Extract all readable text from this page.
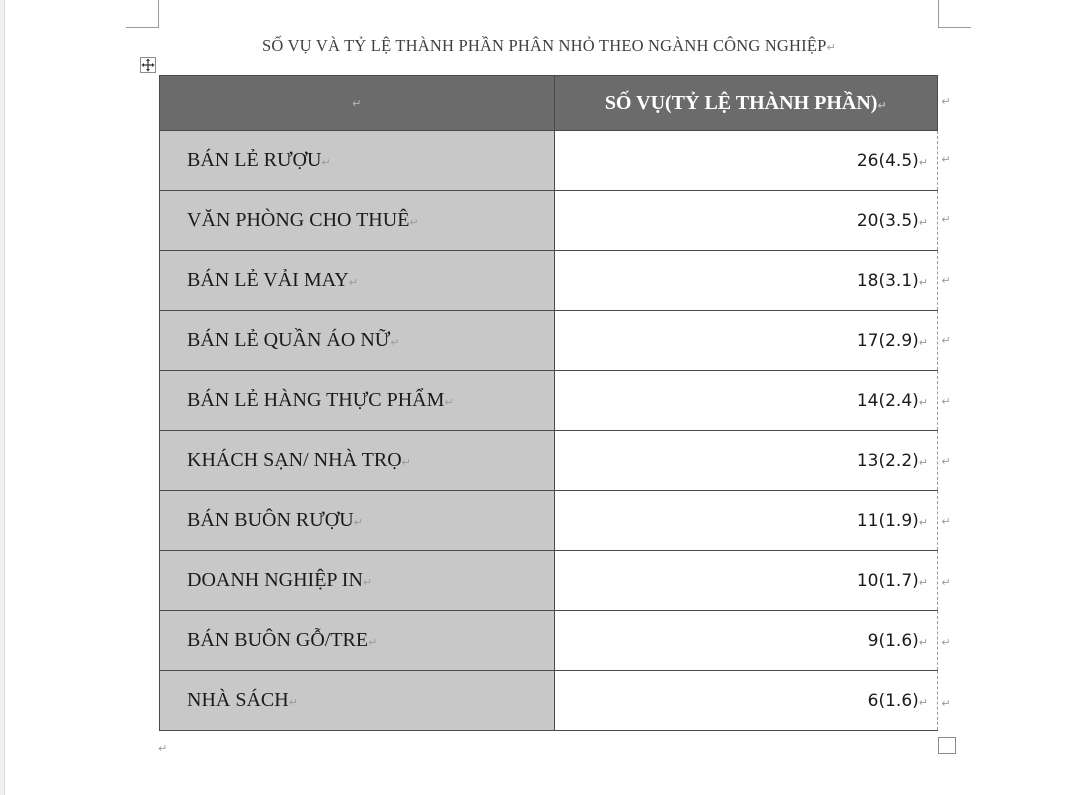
SỐ VỤ VÀ TỶ LỆ THÀNH PHẦN PHÂN NHỎ THEO NGÀNH CÔNG NGHIỆP↵
↵	SỐ VỤ(TỶ LỆ THÀNH PHẦN)↵
BÁN LẺ RƯỢU↵	26(4.5)↵
VĂN PHÒNG CHO THUÊ↵	20(3.5)↵
BÁN LẺ VẢI MAY↵	18(3.1)↵
BÁN LẺ QUẦN ÁO NỮ↵	17(2.9)↵
BÁN LẺ HÀNG THỰC PHẨM↵	14(2.4)↵
KHÁCH SẠN/ NHÀ TRỌ↵	13(2.2)↵
BÁN BUÔN RƯỢU↵	11(1.9)↵
DOANH NGHIỆP IN↵	10(1.7)↵
BÁN BUÔN GỖ/TRE↵	9(1.6)↵
NHÀ SÁCH↵	6(1.6)↵
↵
↵
↵
↵
↵
↵
↵
↵
↵
↵
↵
↵
